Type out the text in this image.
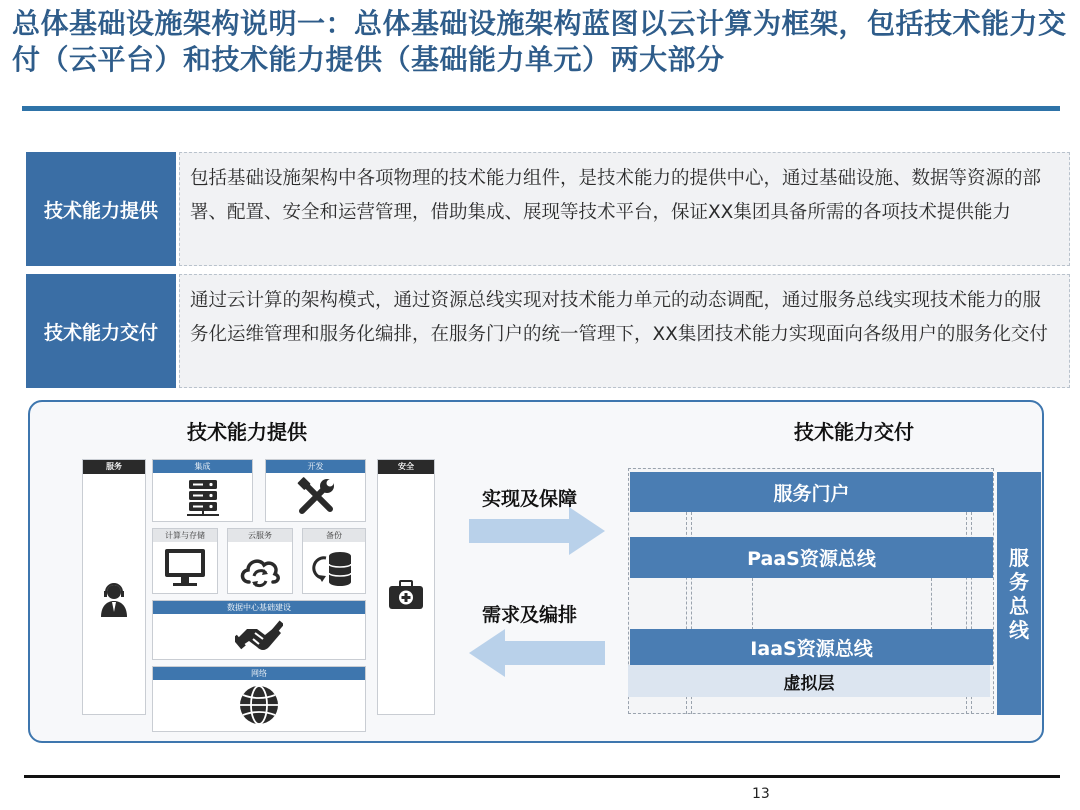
总体基础设施架构说明一：总体基础设施架构蓝图以云计算为框架，包括技术能力交付（云平台）和技术能力提供（基础能力单元）两大部分
技术能力提供
包括基础设施架构中各项物理的技术能力组件，是技术能力的提供中心，通过基础设施、数据等资源的部署、配置、安全和运营管理，借助集成、展现等技术平台，保证XX集团具备所需的各项技术提供能力
技术能力交付
通过云计算的架构模式，通过资源总线实现对技术能力单元的动态调配，通过服务总线实现技术能力的服务化运维管理和服务化编排，在服务门户的统一管理下，XX集团技术能力实现面向各级用户的服务化交付
技术能力提供	技术能力交付
服务	安全
集成	开发
计算与存储	云服务	备份
数据中心基础建设
网络
实现及保障
需求及编排
服务门户
PaaS资源总线
IaaS资源总线
虚拟层
服务总线
13
